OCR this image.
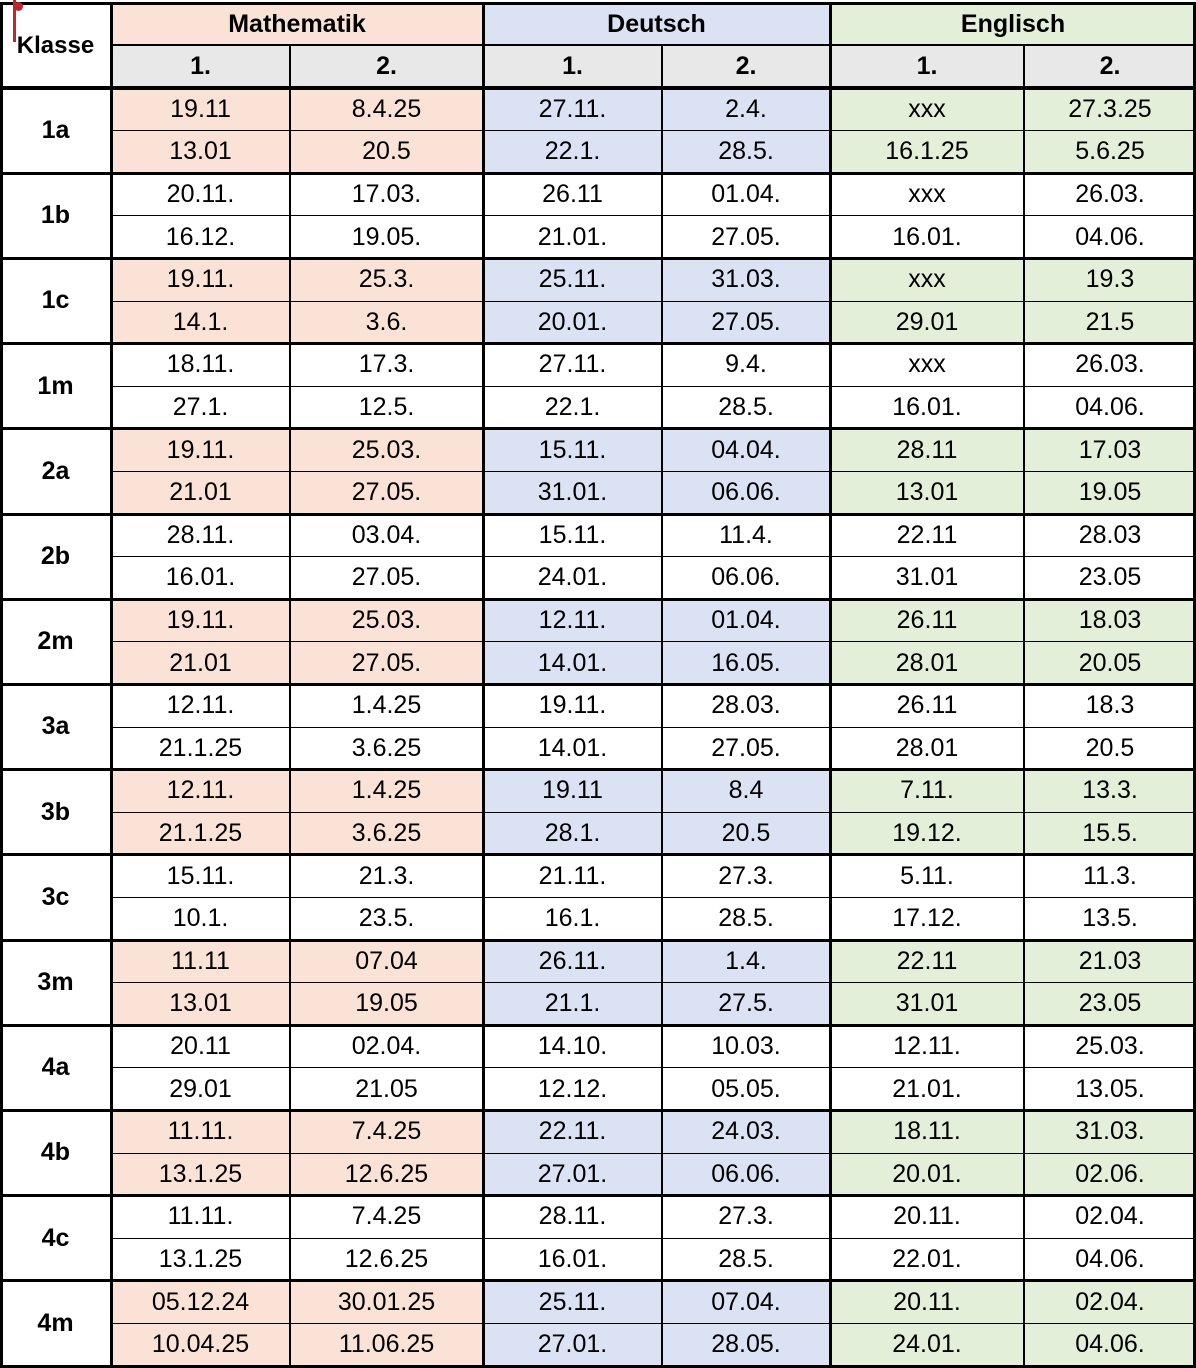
Klasse
Mathematik	Deutsch	Englisch
1.	2.	1.	2.	1.	2.
1a
19.11	8.4.25	27.11.	2.4.	xxx	27.3.25
13.01	20.5	22.1.	28.5.	16.1.25	5.6.25
1b
20.11.	17.03.	26.11	01.04.	xxx	26.03.
16.12.	19.05.	21.01.	27.05.	16.01.	04.06.
1c
19.11.	25.3.	25.11.	31.03.	xxx	19.3
14.1.	3.6.	20.01.	27.05.	29.01	21.5
1m
18.11.	17.3.	27.11.	9.4.	xxx	26.03.
27.1.	12.5.	22.1.	28.5.	16.01.	04.06.
2a
19.11.	25.03.	15.11.	04.04.	28.11	17.03
21.01	27.05.	31.01.	06.06.	13.01	19.05
2b
28.11.	03.04.	15.11.	11.4.	22.11	28.03
16.01.	27.05.	24.01.	06.06.	31.01	23.05
2m
19.11.	25.03.	12.11.	01.04.	26.11	18.03
21.01	27.05.	14.01.	16.05.	28.01	20.05
3a
12.11.	1.4.25	19.11.	28.03.	26.11	18.3
21.1.25	3.6.25	14.01.	27.05.	28.01	20.5
3b
12.11.	1.4.25	19.11	8.4	7.11.	13.3.
21.1.25	3.6.25	28.1.	20.5	19.12.	15.5.
3c
15.11.	21.3.	21.11.	27.3.	5.11.	11.3.
10.1.	23.5.	16.1.	28.5.	17.12.	13.5.
3m
11.11	07.04	26.11.	1.4.	22.11	21.03
13.01	19.05	21.1.	27.5.	31.01	23.05
4a
20.11	02.04.	14.10.	10.03.	12.11.	25.03.
29.01	21.05	12.12.	05.05.	21.01.	13.05.
4b
11.11.	7.4.25	22.11.	24.03.	18.11.	31.03.
13.1.25	12.6.25	27.01.	06.06.	20.01.	02.06.
4c
11.11.	7.4.25	28.11.	27.3.	20.11.	02.04.
13.1.25	12.6.25	16.01.	28.5.	22.01.	04.06.
4m
05.12.24	30.01.25	25.11.	07.04.	20.11.	02.04.
10.04.25	11.06.25	27.01.	28.05.	24.01.	04.06.
